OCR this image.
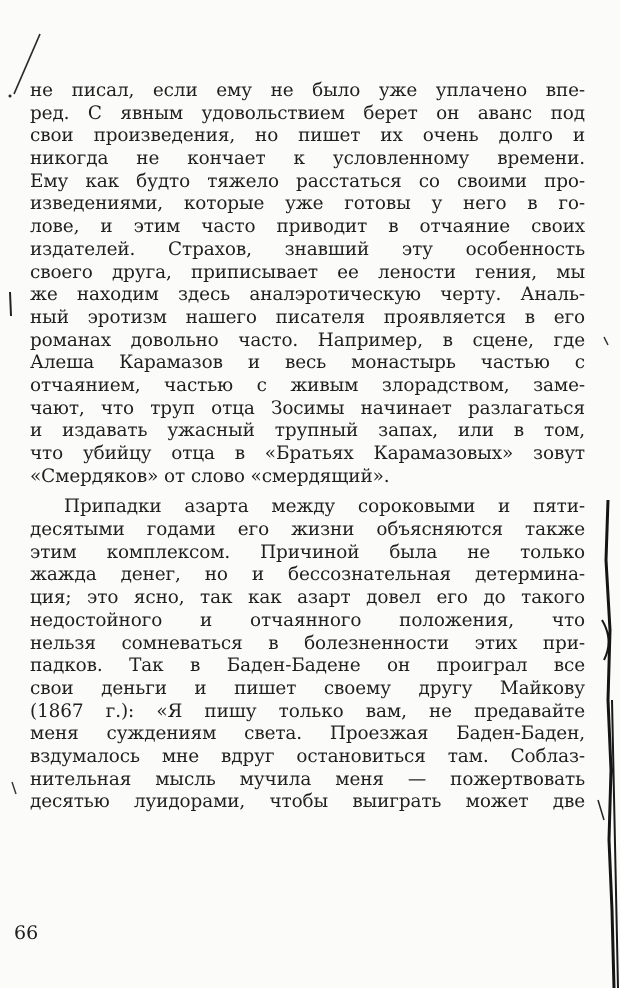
не писал, если ему не было уже уплачено впе-
ред. С явным удовольствием берет он аванс под
свои произведения, но пишет их очень долго и
никогда не кончает к условленному времени.
Ему как будто тяжело расстаться со своими про-
изведениями, которые уже готовы у него в го-
лове, и этим часто приводит в отчаяние своих
издателей. Страхов, знавший эту особенность
своего друга, приписывает ее лености гения, мы
же находим здесь аналэротическую черту. Аналь-
ный эротизм нашего писателя проявляется в его
романах довольно часто. Например, в сцене, где
Алеша Карамазов и весь монастырь частью с
отчаянием, частью с живым злорадством, заме-
чают, что труп отца Зосимы начинает разлагаться
и издавать ужасный трупный запах, или в том,
что убийцу отца в «Братьях Карамазовых» зовут
«Смердяков» от слово «смердящий».
Припадки азарта между сороковыми и пяти-
десятыми годами его жизни объясняются также
этим комплексом. Причиной была не только
жажда денег, но и бессознательная детермина-
ция; это ясно, так как азарт довел его до такого
недостойного и отчаянного положения, что
нельзя сомневаться в болезненности этих при-
падков. Так в Баден-Бадене он проиграл все
свои деньги и пишет своему другу Майкову
(1867 г.): «Я пишу только вам, не предавайте
меня суждениям света. Проезжая Баден-Баден,
вздумалось мне вдруг остановиться там. Соблаз-
нительная мысль мучила меня — пожертвовать
десятью луидорами, чтобы выиграть может две
66
